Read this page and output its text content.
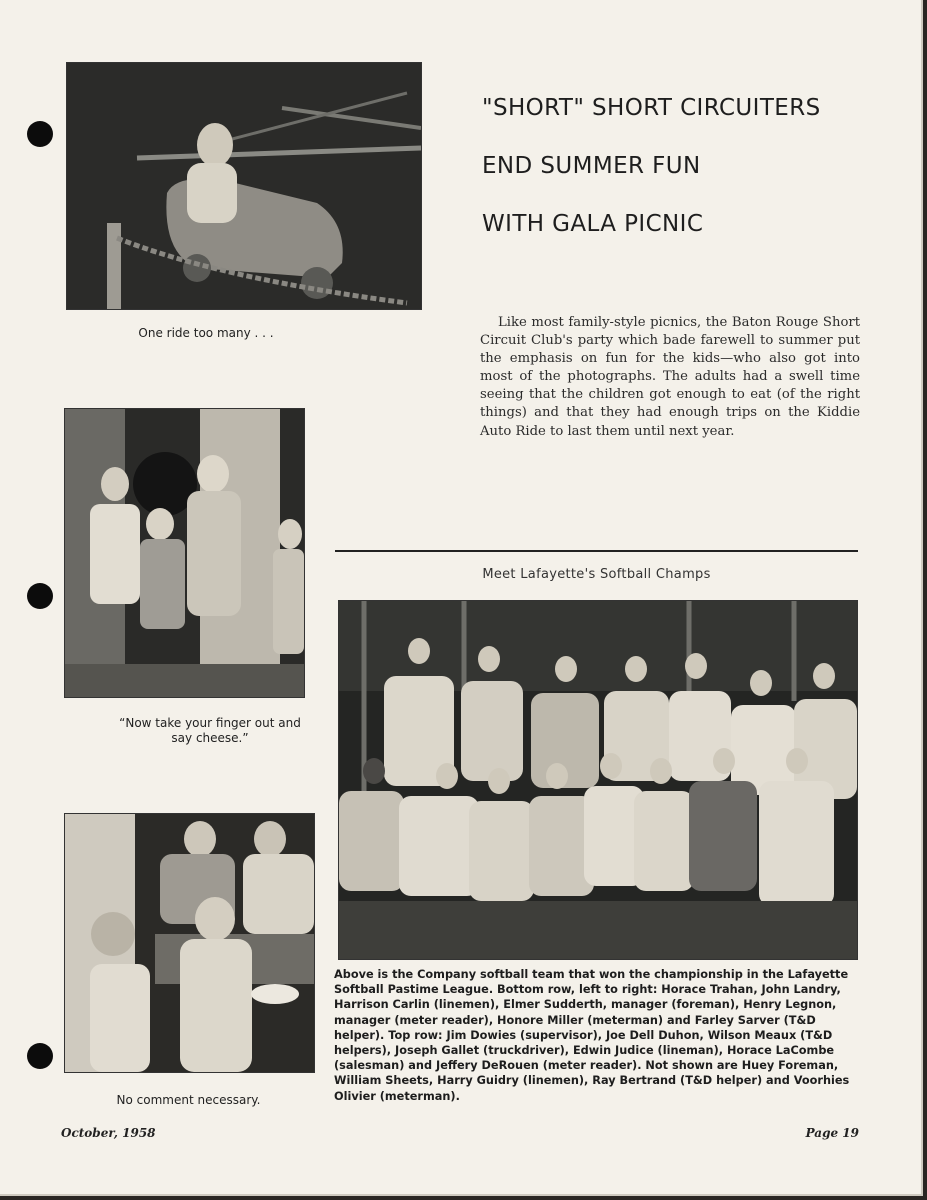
One ride too many . . .
“Now take your finger out and say cheese.”
No comment necessary.
"SHORT" SHORT CIRCUITERS
END SUMMER FUN
WITH GALA PICNIC
Like most family-style picnics, the Baton Rouge Short Circuit Club's party which bade farewell to summer put the emphasis on fun for the kids—who also got into most of the photographs. The adults had a swell time seeing that the children got enough to eat (of the right things) and that they had enough trips on the Kiddie Auto Ride to last them until next year.
Meet Lafayette's Softball Champs
Above is the Company softball team that won the championship in the Lafayette Softball Pastime League. Bottom row, left to right: Horace Trahan, John Landry, Harrison Carlin (linemen), Elmer Sudderth, manager (foreman), Henry Legnon, manager (meter reader), Honore Miller (meterman) and Farley Sarver (T&D helper). Top row: Jim Dowies (supervisor), Joe Dell Duhon, Wilson Meaux (T&D helpers), Joseph Gallet (truckdriver), Edwin Judice (lineman), Horace LaCombe (salesman) and Jeffery DeRouen (meter reader). Not shown are Huey Foreman, William Sheets, Harry Guidry (linemen), Ray Bertrand (T&D helper) and Voorhies Olivier (meterman).
October, 1958	Page 19
